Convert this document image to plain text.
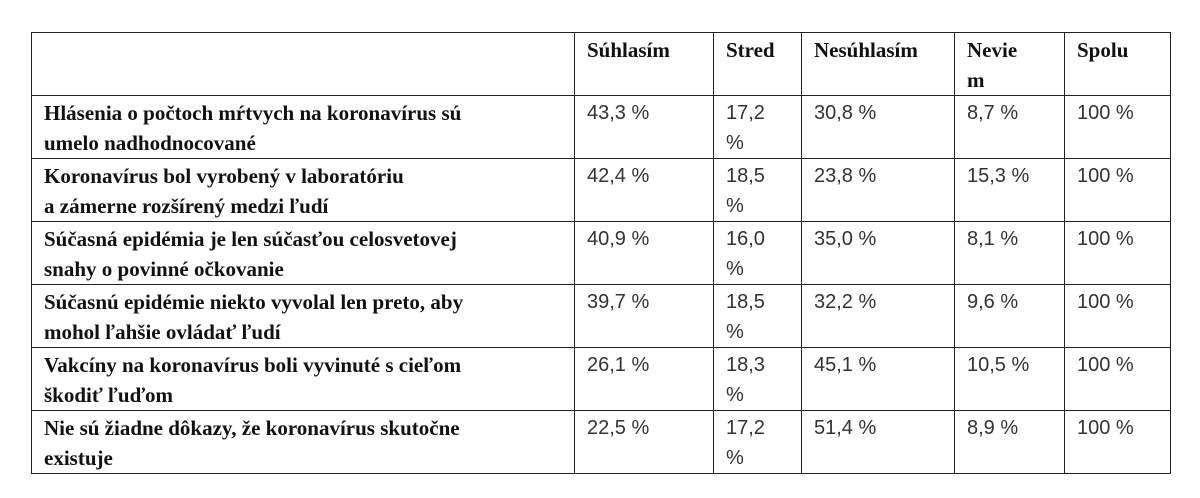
	Súhlasím	Stred	Nesúhlasím	Nevie m	Spolu
Hlásenia o počtoch mŕtvych na koronavírus sú
umelo nadhodnocované	43,3 %	17,2 %	30,8 %	8,7 %	100 %
Koronavírus bol vyrobený v laboratóriu
a zámerne rozšírený medzi ľudí	42,4 %	18,5 %	23,8 %	15,3 %	100 %
Súčasná epidémia je len súčasťou celosvetovej
snahy o povinné očkovanie	40,9 %	16,0 %	35,0 %	8,1 %	100 %
Súčasnú epidémie niekto vyvolal len preto, aby
mohol ľahšie ovládať ľudí	39,7 %	18,5 %	32,2 %	9,6 %	100 %
Vakcíny na koronavírus boli vyvinuté s cieľom
škodiť ľuďom	26,1 %	18,3 %	45,1 %	10,5 %	100 %
Nie sú žiadne dôkazy, že koronavírus skutočne
existuje	22,5 %	17,2 %	51,4 %	8,9 %	100 %
